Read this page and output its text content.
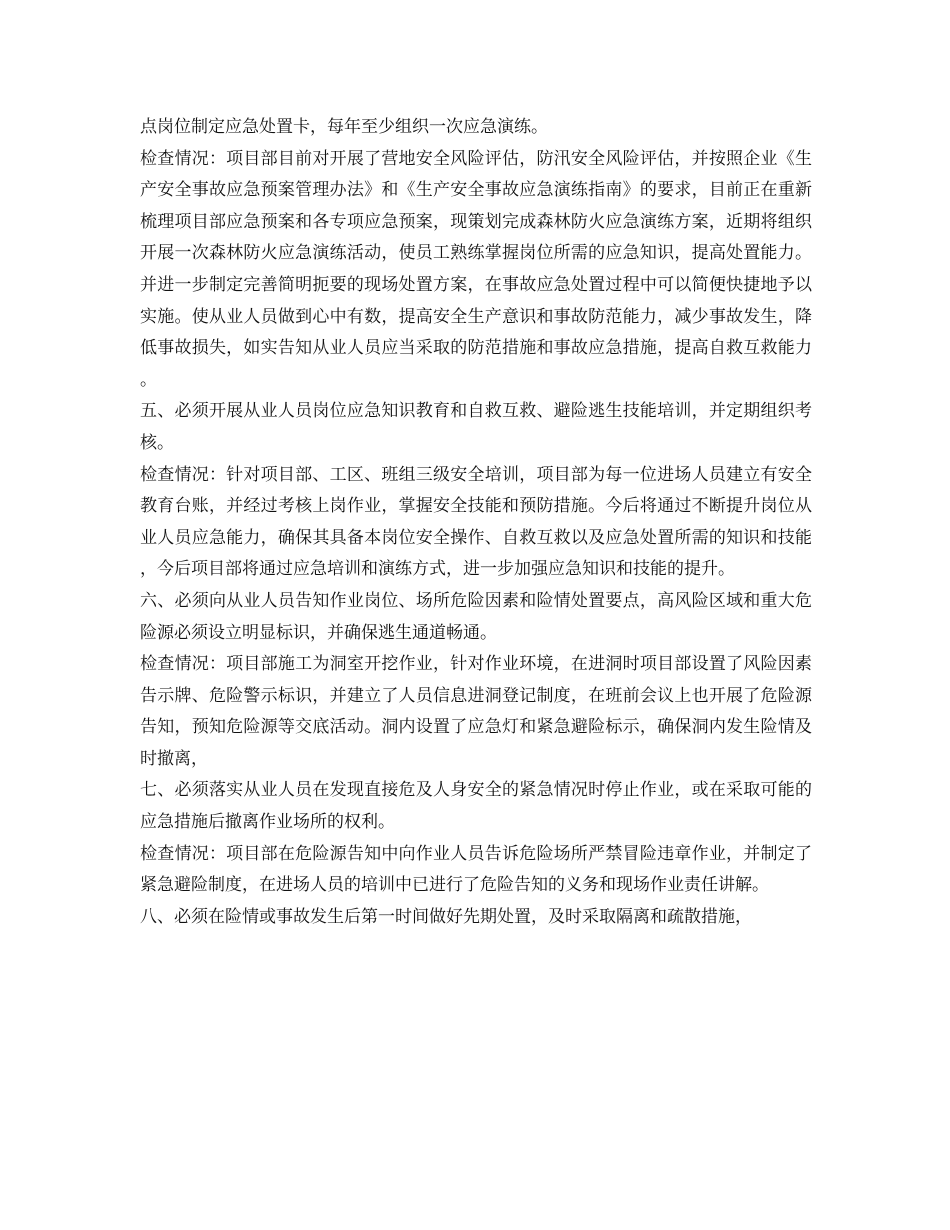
点岗位制定应急处置卡，每年至少组织一次应急演练。

检查情况：项目部目前对开展了营地安全风险评估，防汛安全风险评估，并按照企业《生产安全事故应急预案管理办法》和《生产安全事故应急演练指南》的要求，目前正在重新梳理项目部应急预案和各专项应急预案，现策划完成森林防火应急演练方案，近期将组织开展一次森林防火应急演练活动，使员工熟练掌握岗位所需的应急知识，提高处置能力。并进一步制定完善简明扼要的现场处置方案，在事故应急处置过程中可以简便快捷地予以实施。使从业人员做到心中有数，提高安全生产意识和事故防范能力，减少事故发生，降低事故损失，如实告知从业人员应当采取的防范措施和事故应急措施，提高自救互救能力。

五、必须开展从业人员岗位应急知识教育和自救互救、避险逃生技能培训，并定期组织考核。

检查情况：针对项目部、工区、班组三级安全培训，项目部为每一位进场人员建立有安全教育台账，并经过考核上岗作业，掌握安全技能和预防措施。今后将通过不断提升岗位从业人员应急能力，确保其具备本岗位安全操作、自救互救以及应急处置所需的知识和技能，今后项目部将通过应急培训和演练方式，进一步加强应急知识和技能的提升。

六、必须向从业人员告知作业岗位、场所危险因素和险情处置要点，高风险区域和重大危险源必须设立明显标识，并确保逃生通道畅通。

检查情况：项目部施工为洞室开挖作业，针对作业环境，在进洞时项目部设置了风险因素告示牌、危险警示标识，并建立了人员信息进洞登记制度，在班前会议上也开展了危险源告知，预知危险源等交底活动。洞内设置了应急灯和紧急避险标示，确保洞内发生险情及时撤离，

七、必须落实从业人员在发现直接危及人身安全的紧急情况时停止作业，或在采取可能的应急措施后撤离作业场所的权利。

检查情况：项目部在危险源告知中向作业人员告诉危险场所严禁冒险违章作业，并制定了紧急避险制度，在进场人员的培训中已进行了危险告知的义务和现场作业责任讲解。

八、必须在险情或事故发生后第一时间做好先期处置，及时采取隔离和疏散措施，
